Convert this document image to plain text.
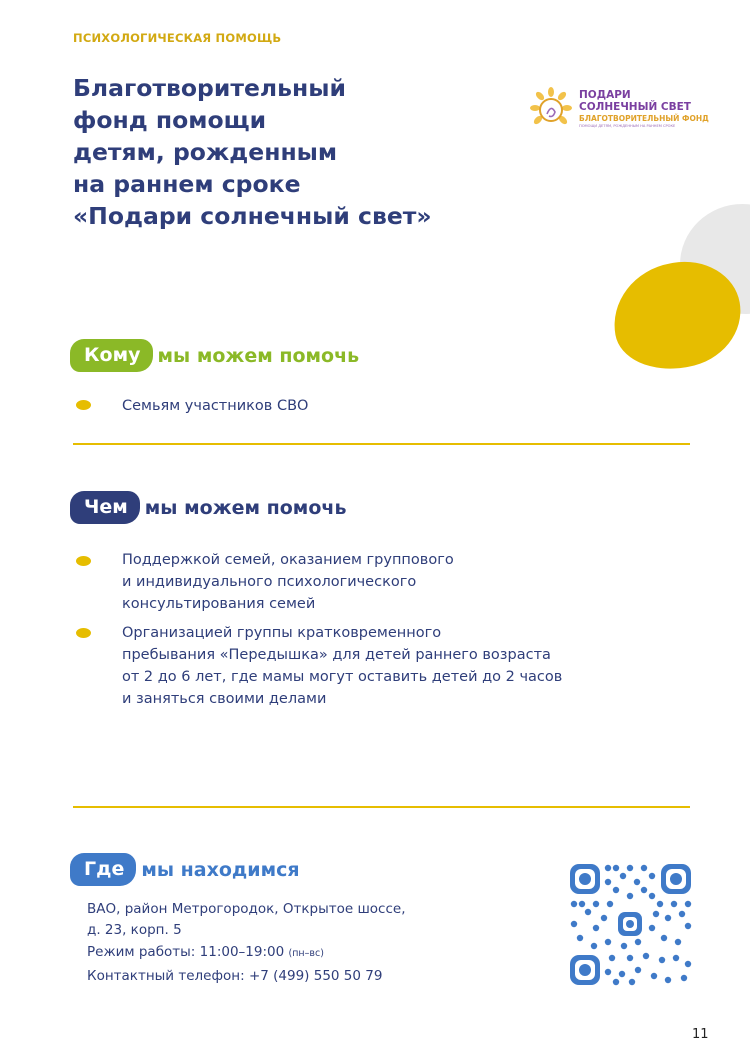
ПСИХОЛОГИЧЕСКАЯ ПОМОЩЬ
Благотворительный
фонд помощи
детям, рожденным
на раннем сроке
«Подари солнечный свет»
ПОДАРИ
СОЛНЕЧНЫЙ СВЕТ
БЛАГОТВОРИТЕЛЬНЫЙ ФОНД
ПОМОЩИ ДЕТЯМ, РОЖДЕННЫМ НА РАННЕМ СРОКЕ
Кому мы можем помочь
Семьям участников СВО
Чем мы можем помочь
Поддержкой семей, оказанием группового
и индивидуального психологического
консультирования семей
Организацией группы кратковременного
пребывания «Передышка» для детей раннего возраста
от 2 до 6 лет, где мамы могут оставить детей до 2 часов
и заняться своими делами
Где мы находимся
ВАО, район Метрогородок, Открытое шоссе,
д. 23, корп. 5
Режим работы: 11:00–19:00 (пн–вс)
Контактный телефон: +7 (499) 550 50 79
11
